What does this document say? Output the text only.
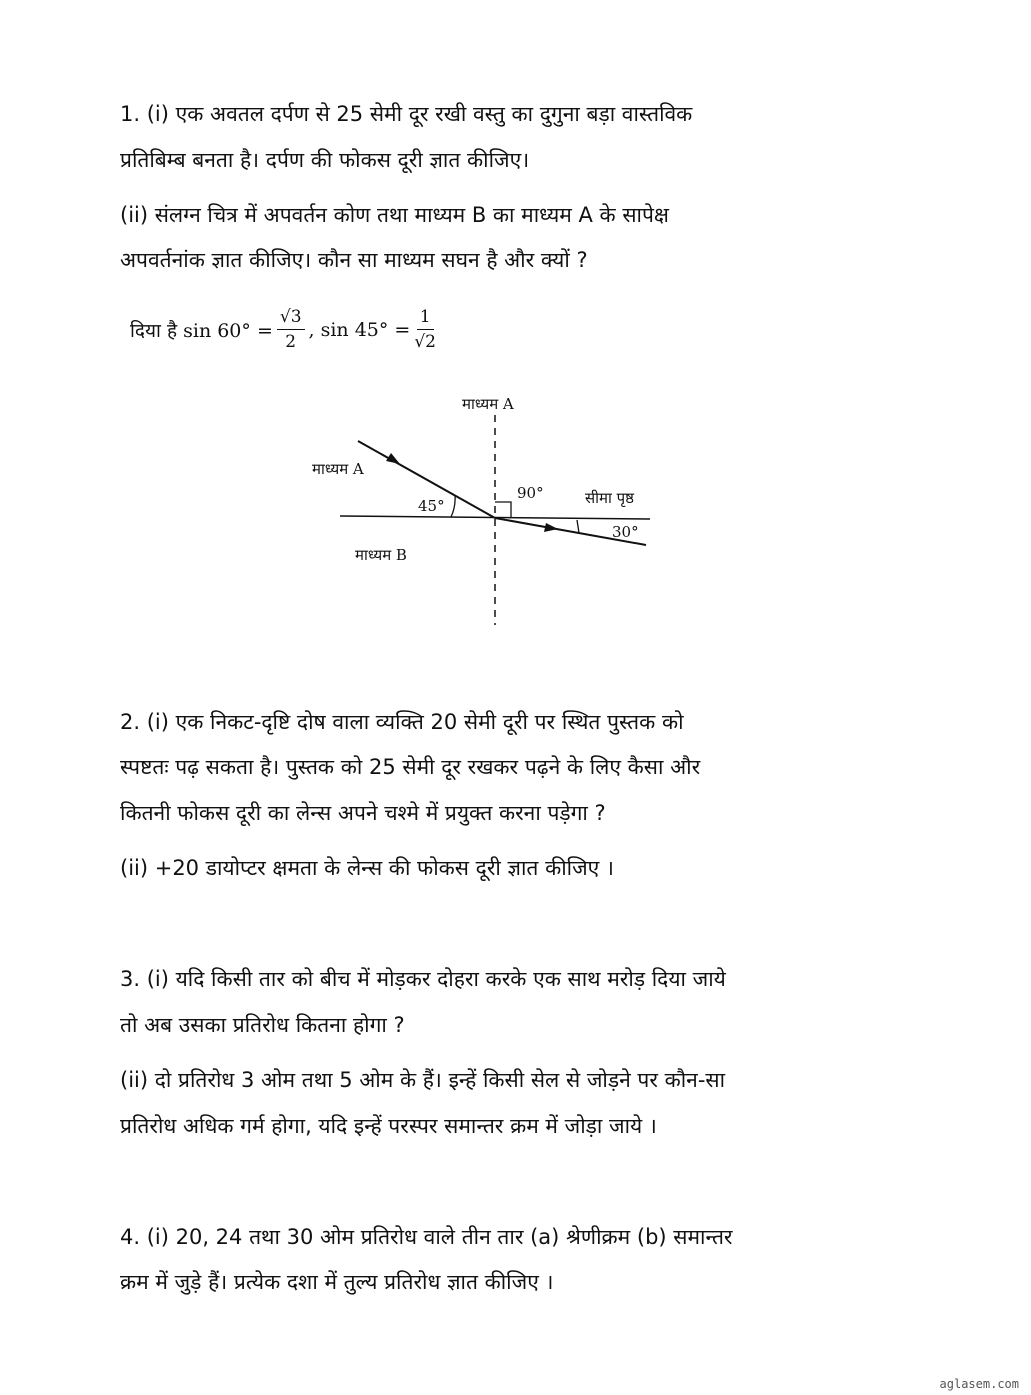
1. (i) एक अवतल दर्पण से 25 सेमी दूर रखी वस्तु का दुगुना बड़ा वास्तविक
प्रतिबिम्ब बनता है। दर्पण की फोकस दूरी ज्ञात कीजिए।
(ii) संलग्न चित्र में अपवर्तन कोण तथा माध्यम B का माध्यम A के सापेक्ष
अपवर्तनांक ज्ञात कीजिए। कौन सा माध्यम सघन है और क्यों ?
दिया है $\sin 60^\circ = \frac{√3}{2}$ , $\sin 45^\circ = \frac{1}{√2}$
माध्यम A
माध्यम A
माध्यम B
सीमा पृष्ठ
45°
90°
30°
2. (i) एक निकट-दृष्टि दोष वाला व्यक्ति 20 सेमी दूरी पर स्थित पुस्तक को
स्पष्टतः पढ़ सकता है। पुस्तक को 25 सेमी दूर रखकर पढ़ने के लिए कैसा और
कितनी फोकस दूरी का लेन्स अपने चश्मे में प्रयुक्त करना पड़ेगा ?
(ii) +20 डायोप्टर क्षमता के लेन्स की फोकस दूरी ज्ञात कीजिए ।
3. (i) यदि किसी तार को बीच में मोड़कर दोहरा करके एक साथ मरोड़ दिया जाये
तो अब उसका प्रतिरोध कितना होगा ?
(ii) दो प्रतिरोध 3 ओम तथा 5 ओम के हैं। इन्हें किसी सेल से जोड़ने पर कौन-सा
प्रतिरोध अधिक गर्म होगा, यदि इन्हें परस्पर समान्तर क्रम में जोड़ा जाये ।
4. (i) 20, 24 तथा 30 ओम प्रतिरोध वाले तीन तार (a) श्रेणीक्रम (b) समान्तर
क्रम में जुड़े हैं। प्रत्येक दशा में तुल्य प्रतिरोध ज्ञात कीजिए ।
aglasem.com
